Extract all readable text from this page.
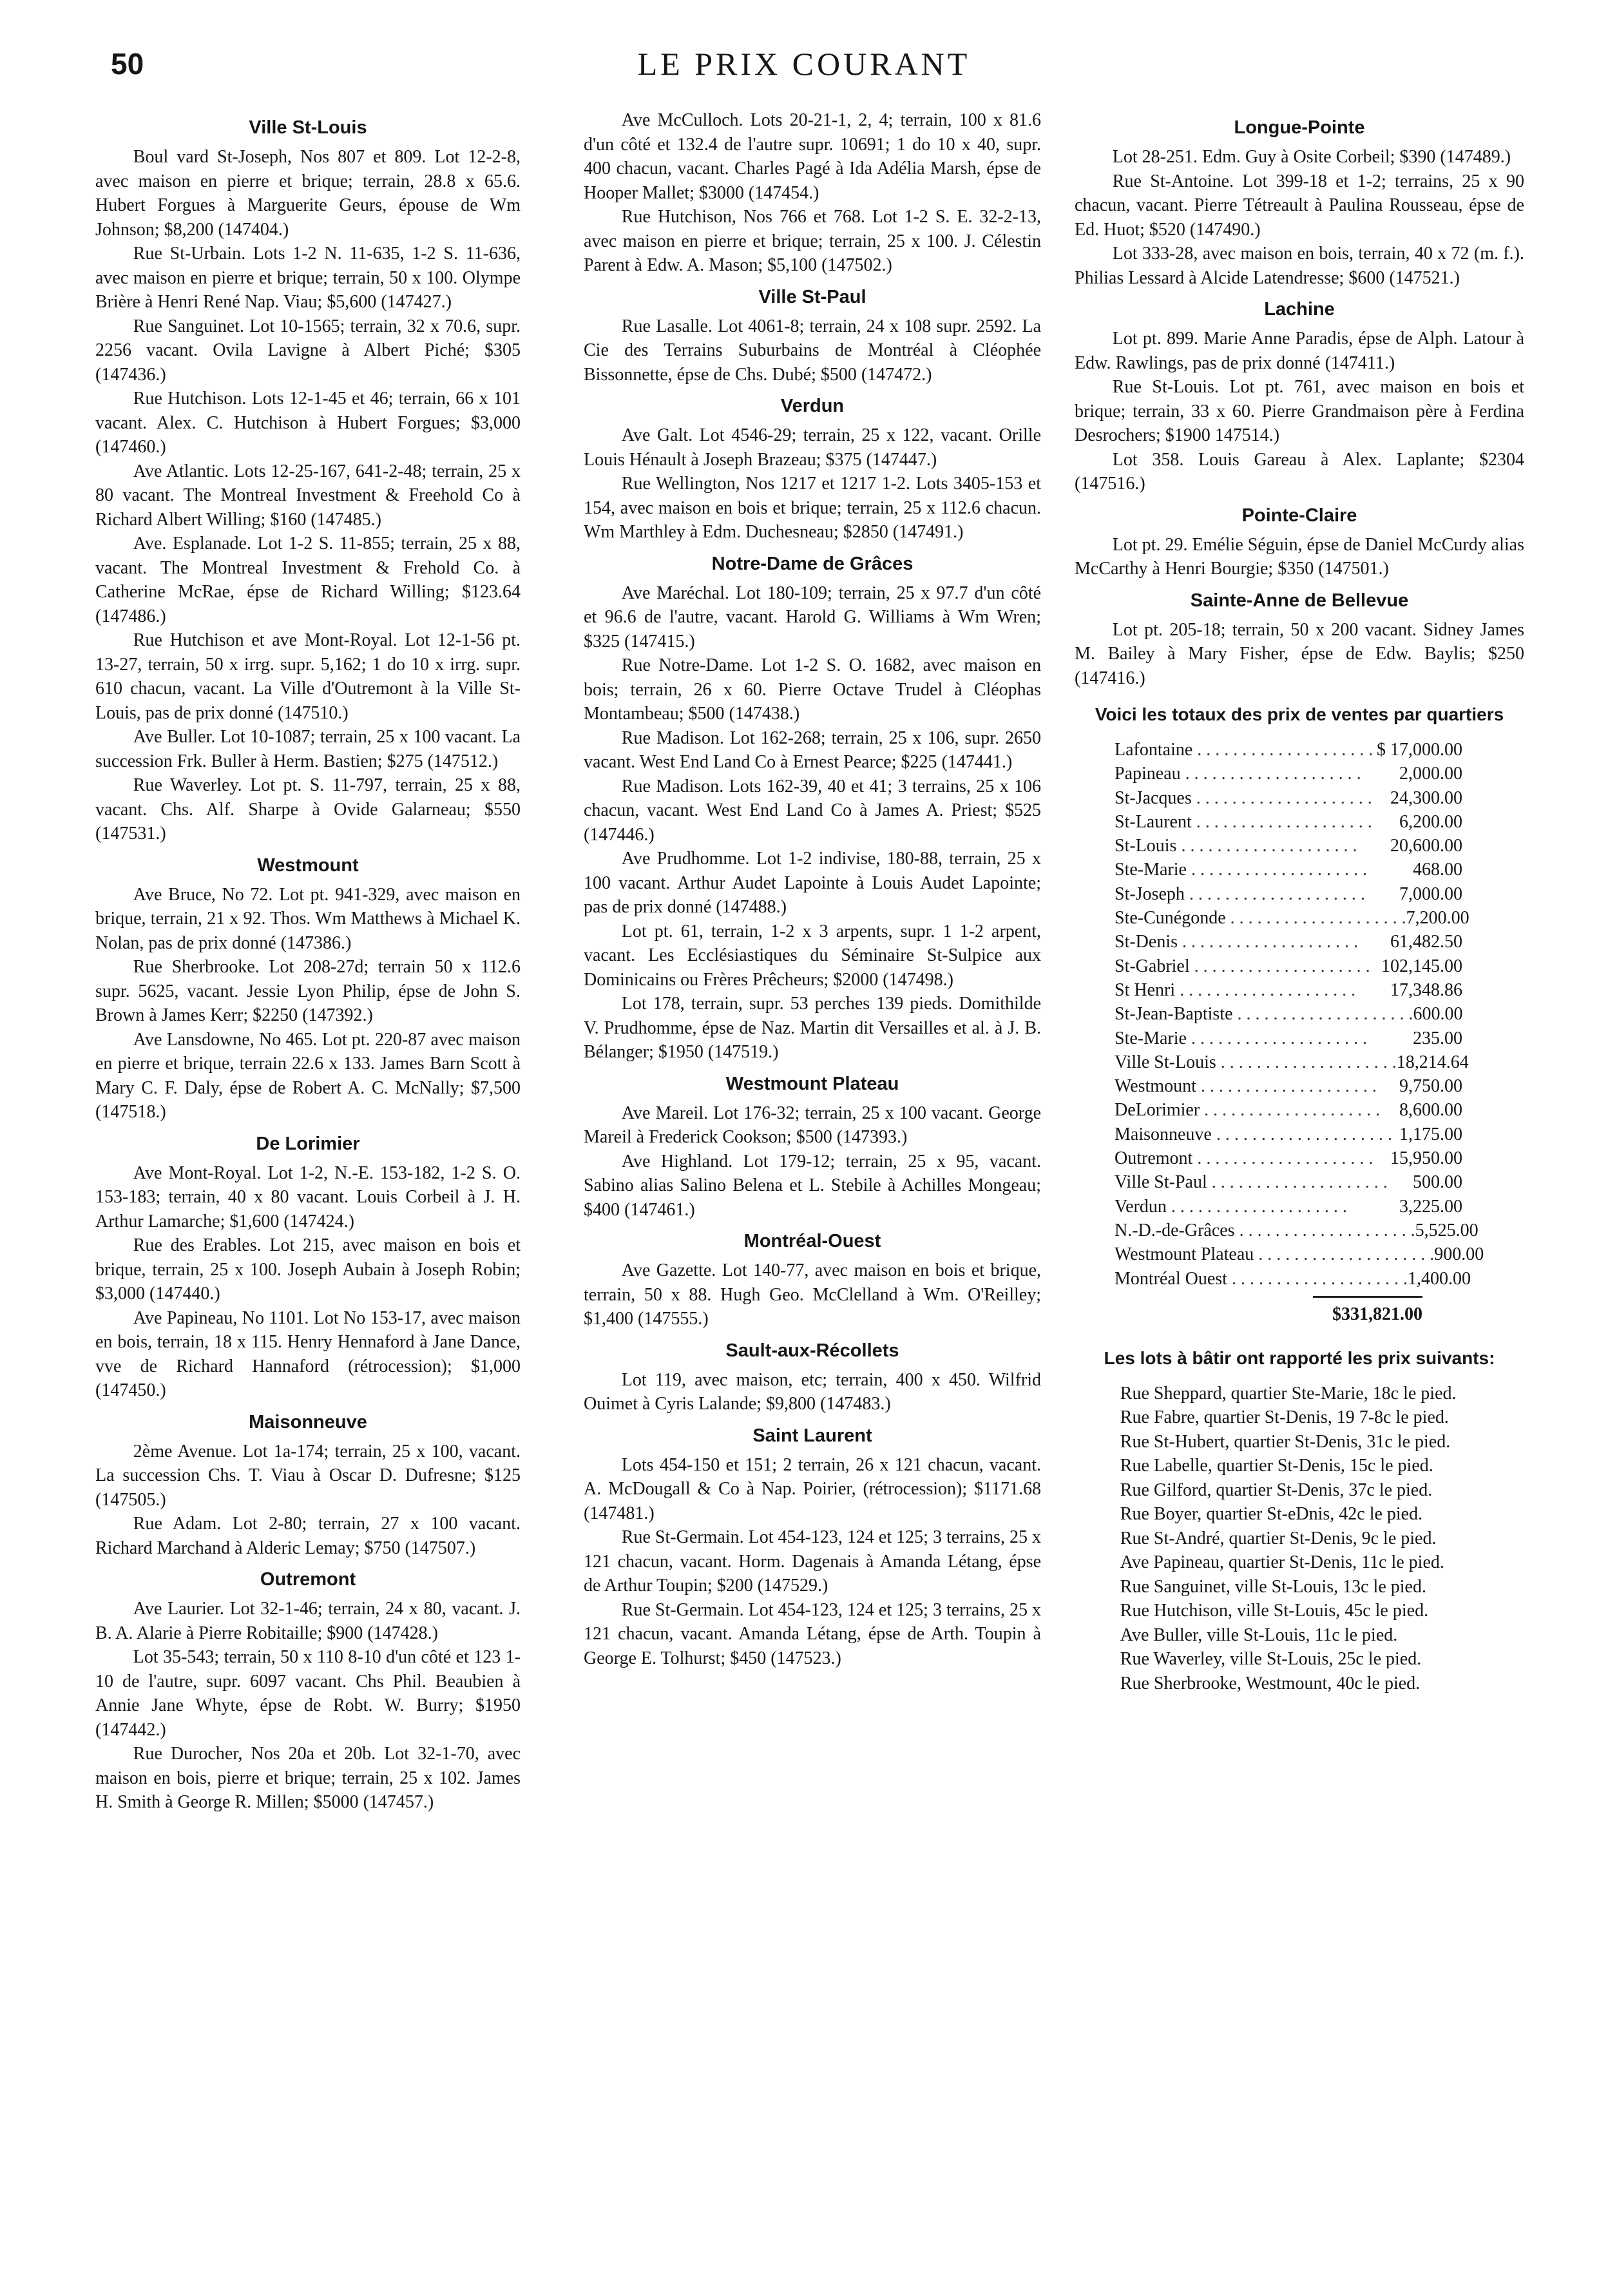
50	LE PRIX COURANT
Ville St-Louis

Boul vard St-Joseph, Nos 807 et 809. Lot 12-2-8, avec maison en pierre et brique; terrain, 28.8 x 65.6. Hubert Forgues à Marguerite Geurs, épouse de Wm Johnson; $8,200 (147404.)

Rue St-Urbain. Lots 1-2 N. 11-635, 1-2 S. 11-636, avec maison en pierre et brique; terrain, 50 x 100. Olympe Brière à Henri René Nap. Viau; $5,600 (147427.)

Rue Sanguinet. Lot 10-1565; terrain, 32 x 70.6, supr. 2256 vacant. Ovila Lavigne à Albert Piché; $305 (147436.)

Rue Hutchison. Lots 12-1-45 et 46; terrain, 66 x 101 vacant. Alex. C. Hutchison à Hubert Forgues; $3,000 (147460.)

Ave Atlantic. Lots 12-25-167, 641-2-48; terrain, 25 x 80 vacant. The Montreal Investment & Freehold Co à Richard Albert Willing; $160 (147485.)

Ave. Esplanade. Lot 1-2 S. 11-855; terrain, 25 x 88, vacant. The Montreal Investment & Frehold Co. à Catherine McRae, épse de Richard Willing; $123.64 (147486.)

Rue Hutchison et ave Mont-Royal. Lot 12-1-56 pt. 13-27, terrain, 50 x irrg. supr. 5,162; 1 do 10 x irrg. supr. 610 chacun, vacant. La Ville d'Outremont à la Ville St-Louis, pas de prix donné (147510.)

Ave Buller. Lot 10-1087; terrain, 25 x 100 vacant. La succession Frk. Buller à Herm. Bastien; $275 (147512.)

Rue Waverley. Lot pt. S. 11-797, terrain, 25 x 88, vacant. Chs. Alf. Sharpe à Ovide Galarneau; $550 (147531.)

Westmount

Ave Bruce, No 72. Lot pt. 941-329, avec maison en brique, terrain, 21 x 92. Thos. Wm Matthews à Michael K. Nolan, pas de prix donné (147386.)

Rue Sherbrooke. Lot 208-27d; terrain 50 x 112.6 supr. 5625, vacant. Jessie Lyon Philip, épse de John S. Brown à James Kerr; $2250 (147392.)

Ave Lansdowne, No 465. Lot pt. 220-87 avec maison en pierre et brique, terrain 22.6 x 133. James Barn Scott à Mary C. F. Daly, épse de Robert A. C. McNally; $7,500 (147518.)

De Lorimier

Ave Mont-Royal. Lot 1-2, N.-E. 153-182, 1-2 S. O. 153-183; terrain, 40 x 80 vacant. Louis Corbeil à J. H. Arthur Lamarche; $1,600 (147424.)

Rue des Erables. Lot 215, avec maison en bois et brique, terrain, 25 x 100. Joseph Aubain à Joseph Robin; $3,000 (147440.)

Ave Papineau, No 1101. Lot No 153-17, avec maison en bois, terrain, 18 x 115. Henry Hennaford à Jane Dance, vve de Richard Hannaford (rétrocession); $1,000 (147450.)

Maisonneuve

2ème Avenue. Lot 1a-174; terrain, 25 x 100, vacant. La succession Chs. T. Viau à Oscar D. Dufresne; $125 (147505.)

Rue Adam. Lot 2-80; terrain, 27 x 100 vacant. Richard Marchand à Alderic Lemay; $750 (147507.)

Outremont

Ave Laurier. Lot 32-1-46; terrain, 24 x 80, vacant. J. B. A. Alarie à Pierre Robitaille; $900 (147428.)

Lot 35-543; terrain, 50 x 110 8-10 d'un côté et 123 1-10 de l'autre, supr. 6097 vacant. Chs Phil. Beaubien à Annie Jane Whyte, épse de Robt. W. Burry; $1950 (147442.)

Rue Durocher, Nos 20a et 20b. Lot 32-1-70, avec maison en bois, pierre et brique; terrain, 25 x 102. James H. Smith à George R. Millen; $5000 (147457.)

Ave McCulloch. Lots 20-21-1, 2, 4; terrain, 100 x 81.6 d'un côté et 132.4 de l'autre supr. 10691; 1 do 10 x 40, supr. 400 chacun, vacant. Charles Pagé à Ida Adélia Marsh, épse de Hooper Mallet; $3000 (147454.)

Rue Hutchison, Nos 766 et 768. Lot 1-2 S. E. 32-2-13, avec maison en pierre et brique; terrain, 25 x 100. J. Célestin Parent à Edw. A. Mason; $5,100 (147502.)

Ville St-Paul

Rue Lasalle. Lot 4061-8; terrain, 24 x 108 supr. 2592. La Cie des Terrains Suburbains de Montréal à Cléophée Bissonnette, épse de Chs. Dubé; $500 (147472.)

Verdun

Ave Galt. Lot 4546-29; terrain, 25 x 122, vacant. Orille Louis Hénault à Joseph Brazeau; $375 (147447.)

Rue Wellington, Nos 1217 et 1217 1-2. Lots 3405-153 et 154, avec maison en bois et brique; terrain, 25 x 112.6 chacun. Wm Marthley à Edm. Duchesneau; $2850 (147491.)

Notre-Dame de Grâces

Ave Maréchal. Lot 180-109; terrain, 25 x 97.7 d'un côté et 96.6 de l'autre, vacant. Harold G. Williams à Wm Wren; $325 (147415.)

Rue Notre-Dame. Lot 1-2 S. O. 1682, avec maison en bois; terrain, 26 x 60. Pierre Octave Trudel à Cléophas Montambeau; $500 (147438.)

Rue Madison. Lot 162-268; terrain, 25 x 106, supr. 2650 vacant. West End Land Co à Ernest Pearce; $225 (147441.)

Rue Madison. Lots 162-39, 40 et 41; 3 terrains, 25 x 106 chacun, vacant. West End Land Co à James A. Priest; $525 (147446.)

Ave Prudhomme. Lot 1-2 indivise, 180-88, terrain, 25 x 100 vacant. Arthur Audet Lapointe à Louis Audet Lapointe; pas de prix donné (147488.)

Lot pt. 61, terrain, 1-2 x 3 arpents, supr. 1 1-2 arpent, vacant. Les Ecclésiastiques du Séminaire St-Sulpice aux Dominicains ou Frères Prêcheurs; $2000 (147498.)

Lot 178, terrain, supr. 53 perches 139 pieds. Domithilde V. Prudhomme, épse de Naz. Martin dit Versailles et al. à J. B. Bélanger; $1950 (147519.)

Westmount Plateau

Ave Mareil. Lot 176-32; terrain, 25 x 100 vacant. George Mareil à Frederick Cookson; $500 (147393.)

Ave Highland. Lot 179-12; terrain, 25 x 95, vacant. Sabino alias Salino Belena et L. Stebile à Achilles Mongeau; $400 (147461.)

Montréal-Ouest

Ave Gazette. Lot 140-77, avec maison en bois et brique, terrain, 50 x 88. Hugh Geo. McClelland à Wm. O'Reilley; $1,400 (147555.)

Sault-aux-Récollets

Lot 119, avec maison, etc; terrain, 400 x 450. Wilfrid Ouimet à Cyris Lalande; $9,800 (147483.)

Saint Laurent

Lots 454-150 et 151; 2 terrain, 26 x 121 chacun, vacant. A. McDougall & Co à Nap. Poirier, (rétrocession); $1171.68 (147481.)

Rue St-Germain. Lot 454-123, 124 et 125; 3 terrains, 25 x 121 chacun, vacant. Horm. Dagenais à Amanda Létang, épse de Arthur Toupin; $200 (147529.)

Rue St-Germain. Lot 454-123, 124 et 125; 3 terrains, 25 x 121 chacun, vacant. Amanda Létang, épse de Arth. Toupin à George E. Tolhurst; $450 (147523.)

Longue-Pointe

Lot 28-251. Edm. Guy à Osite Corbeil; $390 (147489.)

Rue St-Antoine. Lot 399-18 et 1-2; terrains, 25 x 90 chacun, vacant. Pierre Tétreault à Paulina Rousseau, épse de Ed. Huot; $520 (147490.)

Lot 333-28, avec maison en bois, terrain, 40 x 72 (m. f.). Philias Lessard à Alcide Latendresse; $600 (147521.)

Lachine

Lot pt. 899. Marie Anne Paradis, épse de Alph. Latour à Edw. Rawlings, pas de prix donné (147411.)

Rue St-Louis. Lot pt. 761, avec maison en bois et brique; terrain, 33 x 60. Pierre Grandmaison père à Ferdina Desrochers; $1900 147514.)

Lot 358. Louis Gareau à Alex. Laplante; $2304 (147516.)

Pointe-Claire

Lot pt. 29. Emélie Séguin, épse de Daniel McCurdy alias McCarthy à Henri Bourgie; $350 (147501.)

Sainte-Anne de Bellevue

Lot pt. 205-18; terrain, 50 x 200 vacant. Sidney James M. Bailey à Mary Fisher, épse de Edw. Baylis; $250 (147416.)

Voici les totaux des prix de ventes par quartiers
Lafontaine . . . . . . . . . . . . . . . . . . . . $ 17,000.00
Papineau . . . . . . . . . . . . . . . . . . . .	2,000.00
St-Jacques . . . . . . . . . . . . . . . . . . . .	24,300.00
St-Laurent . . . . . . . . . . . . . . . . . . . .	6,200.00
St-Louis . . . . . . . . . . . . . . . . . . . .	20,600.00
Ste-Marie . . . . . . . . . . . . . . . . . . . .	468.00
St-Joseph . . . . . . . . . . . . . . . . . . . .	7,000.00
Ste-Cunégonde . . . . . . . . . . . . . . . . . . . . 7,200.00
St-Denis . . . . . . . . . . . . . . . . . . . .	61,482.50
St-Gabriel . . . . . . . . . . . . . . . . . . . . 102,145.00
St Henri . . . . . . . . . . . . . . . . . . . .	17,348.86
St-Jean-Baptiste . . . . . . . . . . . . . . . . . . . . 600.00
Ste-Marie . . . . . . . . . . . . . . . . . . . .	235.00
Ville St-Louis . . . . . . . . . . . . . . . . . . . . 18,214.64
Westmount . . . . . . . . . . . . . . . . . . . .	9,750.00
DeLorimier . . . . . . . . . . . . . . . . . . . .	8,600.00
Maisonneuve . . . . . . . . . . . . . . . . . . . . 1,175.00
Outremont . . . . . . . . . . . . . . . . . . . . 15,950.00
Ville St-Paul . . . . . . . . . . . . . . . . . . . .	500.00
Verdun . . . . . . . . . . . . . . . . . . . .	3,225.00
N.-D.-de-Grâces . . . . . . . . . . . . . . . . . . . . 5,525.00
Westmount Plateau . . . . . . . . . . . . . . . . . . . . 900.00
Montréal Ouest . . . . . . . . . . . . . . . . . . . . 1,400.00
$331,821.00
Les lots à bâtir ont rapporté les prix suivants:

Rue Sheppard, quartier Ste-Marie, 18c le pied.

Rue Fabre, quartier St-Denis, 19 7-8c le pied.

Rue St-Hubert, quartier St-Denis, 31c le pied.

Rue Labelle, quartier St-Denis, 15c le pied.

Rue Gilford, quartier St-Denis, 37c le pied.

Rue Boyer, quartier St-eDnis, 42c le pied.

Rue St-André, quartier St-Denis, 9c le pied.

Ave Papineau, quartier St-Denis, 11c le pied.

Rue Sanguinet, ville St-Louis, 13c le pied.

Rue Hutchison, ville St-Louis, 45c le pied.

Ave Buller, ville St-Louis, 11c le pied.

Rue Waverley, ville St-Louis, 25c le pied.

Rue Sherbrooke, Westmount, 40c le pied.
